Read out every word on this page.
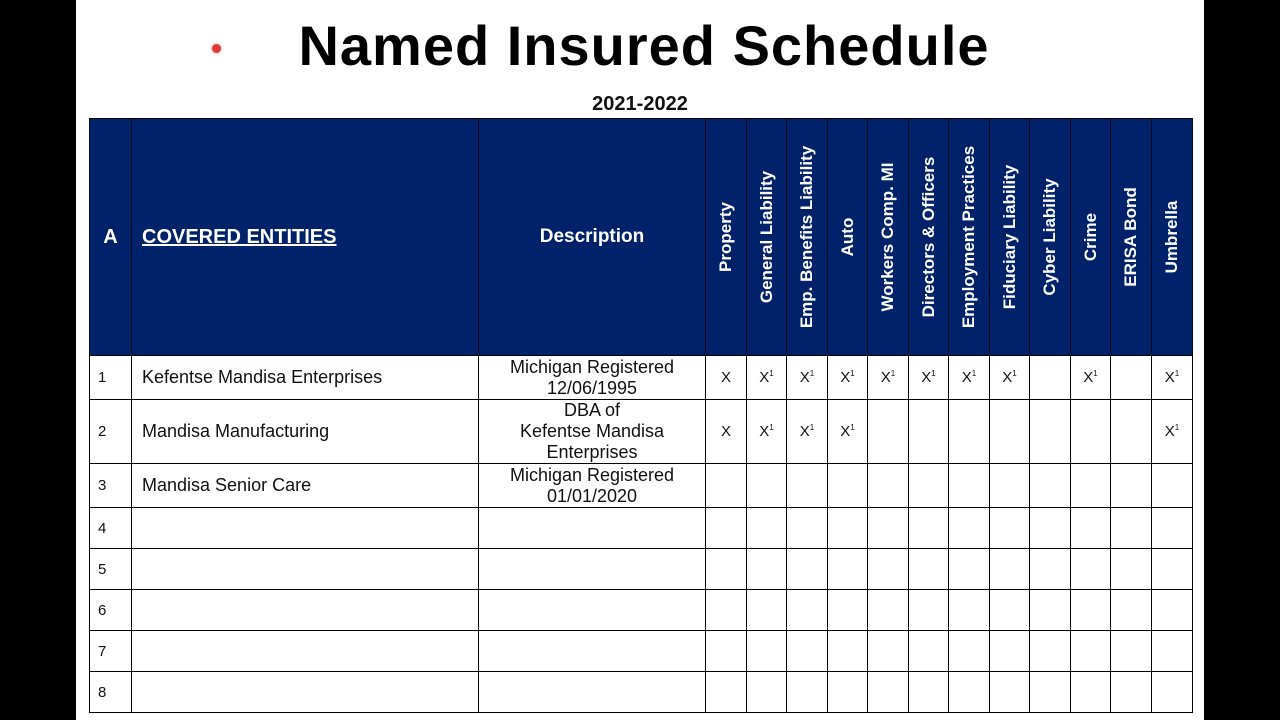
Named Insured Schedule
2021-2022
A	COVERED ENTITIES	Description	Property	General Liability	Emp. Benefits Liability	Auto	Workers Comp. MI	Directors & Officers	Employment Practices	Fiduciary Liability	Cyber Liability	Crime	ERISA Bond	Umbrella

1	Kefentse Mandisa Enterprises	Michigan Registered
12/06/1995	X	$X^1$	$X^1$	$X^1$	$X^1$	$X^1$	$X^1$	$X^1$		$X^1$		$X^1$
2	Mandisa Manufacturing	DBA of
Kefentse Mandisa
Enterprises	X	$X^1$	$X^1$	$X^1$								$X^1$
3	Mandisa Senior Care	Michigan Registered
01/01/2020												
4														
5														
6														
7														
8														
